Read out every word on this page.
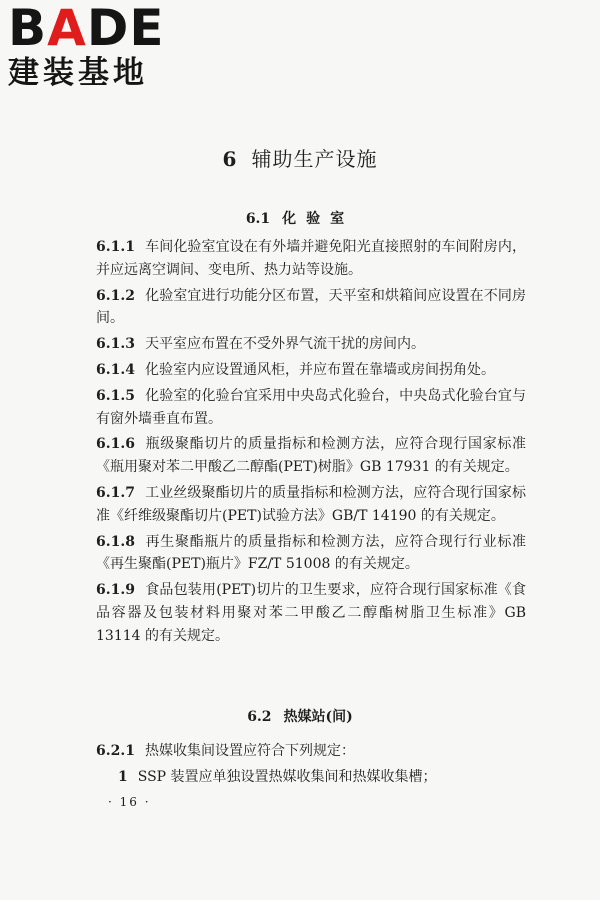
BADE
建装基地
6 辅助生产设施
6.1 化验室
6.1.1 车间化验室宜设在有外墙并避免阳光直接照射的车间附房内，并应远离空调间、变电所、热力站等设施。
6.1.2 化验室宜进行功能分区布置，天平室和烘箱间应设置在不同房间。
6.1.3 天平室应布置在不受外界气流干扰的房间内。
6.1.4 化验室内应设置通风柜，并应布置在靠墙或房间拐角处。
6.1.5 化验室的化验台宜采用中央岛式化验台，中央岛式化验台宜与有窗外墙垂直布置。
6.1.6 瓶级聚酯切片的质量指标和检测方法，应符合现行国家标准《瓶用聚对苯二甲酸乙二醇酯(PET)树脂》GB 17931 的有关规定。
6.1.7 工业丝级聚酯切片的质量指标和检测方法，应符合现行国家标准《纤维级聚酯切片(PET)试验方法》GB/T 14190 的有关规定。
6.1.8 再生聚酯瓶片的质量指标和检测方法，应符合现行行业标准《再生聚酯(PET)瓶片》FZ/T 51008 的有关规定。
6.1.9 食品包装用(PET)切片的卫生要求，应符合现行国家标准《食品容器及包装材料用聚对苯二甲酸乙二醇酯树脂卫生标准》GB 13114 的有关规定。
6.2 热媒站(间)
6.2.1 热媒收集间设置应符合下列规定：
1 SSP 装置应单独设置热媒收集间和热媒收集槽；
· 16 ·
